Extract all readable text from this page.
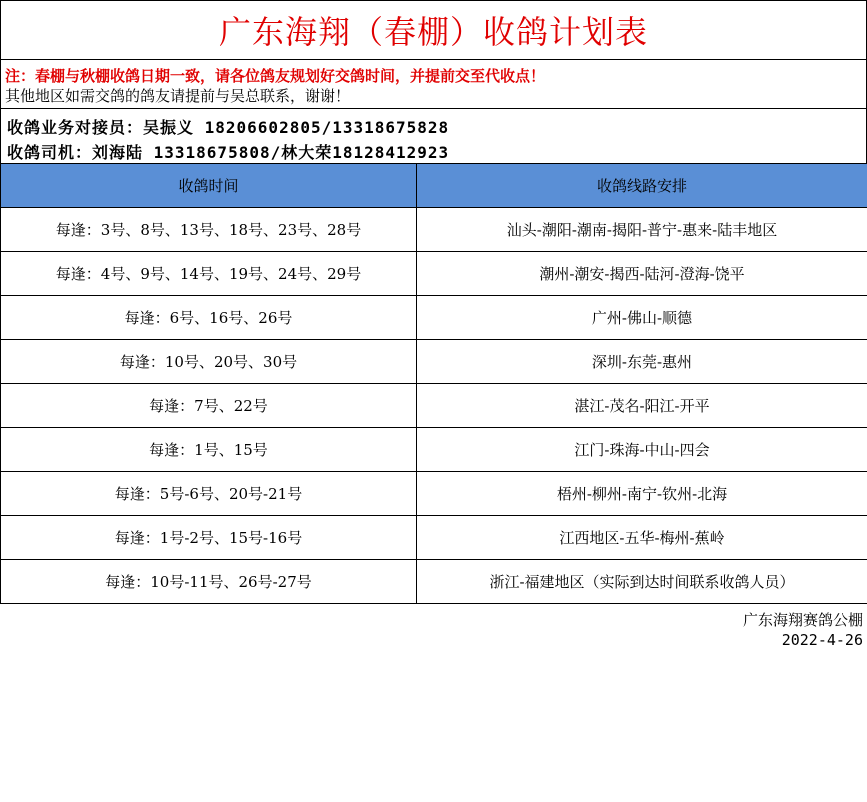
广东海翔（春棚）收鸽计划表
注：春棚与秋棚收鸽日期一致，请各位鸽友规划好交鸽时间，并提前交至代收点！
其他地区如需交鸽的鸽友请提前与吴总联系，谢谢！
收鸽业务对接员：吴振义 18206602805/13318675828
收鸽司机：刘海陆 13318675808/林大荣18128412923
收鸽时间	收鸽线路安排
每逢：3号、8号、13号、18号、23号、28号	汕头-潮阳-潮南-揭阳-普宁-惠来-陆丰地区
每逢：4号、9号、14号、19号、24号、29号	潮州-潮安-揭西-陆河-澄海-饶平
每逢：6号、16号、26号	广州-佛山-顺德
每逢：10号、20号、30号	深圳-东莞-惠州
每逢：7号、22号	湛江-茂名-阳江-开平
每逢：1号、15号	江门-珠海-中山-四会
每逢：5号-6号、20号-21号	梧州-柳州-南宁-钦州-北海
每逢：1号-2号、15号-16号	江西地区-五华-梅州-蕉岭
每逢：10号-11号、26号-27号	浙江-福建地区（实际到达时间联系收鸽人员）
广东海翔赛鸽公棚
2022-4-26
